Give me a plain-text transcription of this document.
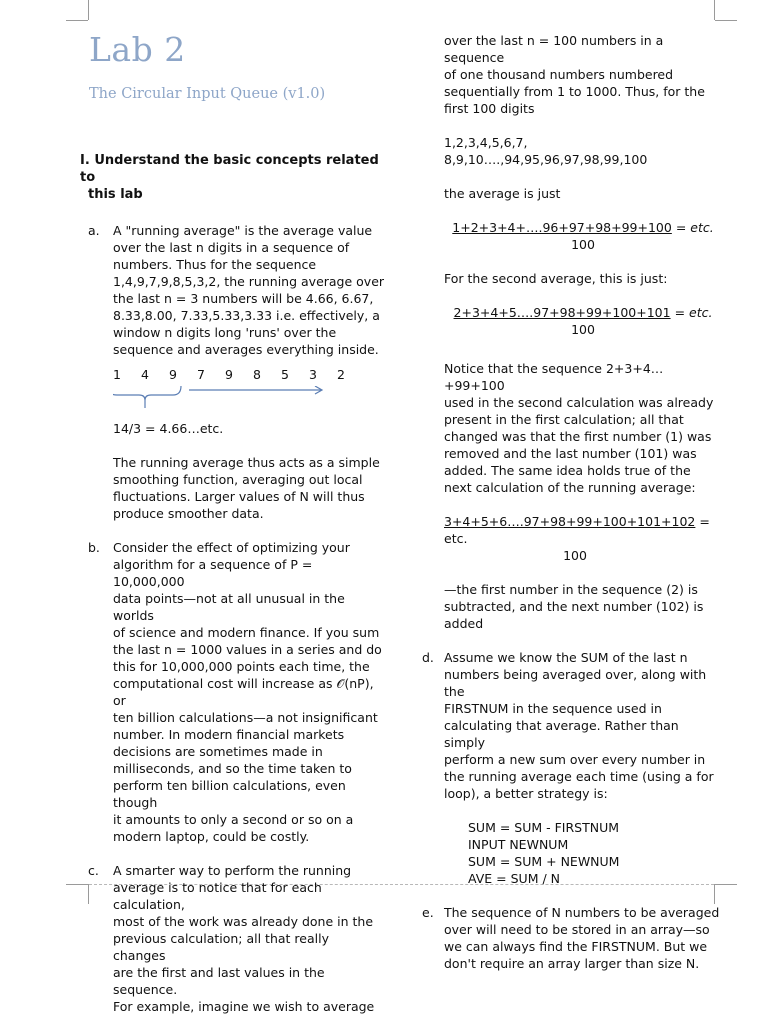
Lab 2
The Circular Input Queue (v1.0)
I. Understand the basic concepts related to
this lab
a. A "running average" is the average value

over the last n digits in a sequence of

numbers. Thus for the sequence

1,4,9,7,9,8,5,3,2, the running average over

the last n = 3 numbers will be 4.66, 6.67,

8.33,8.00, 7.33,5.33,3.33 i.e. effectively, a

window n digits long 'runs' over the

sequence and averages everything inside.

1 4 9 7 9 8 5 3 2

14/3 = 4.66…etc.

The running average thus acts as a simple

smoothing function, averaging out local

fluctuations. Larger values of N will thus

produce smoother data.

b. Consider the effect of optimizing your

algorithm for a sequence of P = 10,000,000

data points—not at all unusual in the worlds

of science and modern finance. If you sum

the last n = 1000 values in a series and do

this for 10,000,000 points each time, the

computational cost will increase as 𝒪(nP), or

ten billion calculations—a not insignificant

number. In modern financial markets

decisions are sometimes made in

milliseconds, and so the time taken to

perform ten billion calculations, even though

it amounts to only a second or so on a

modern laptop, could be costly.

c. A smarter way to perform the running

average is to notice that for each calculation,

most of the work was already done in the

previous calculation; all that really changes

are the first and last values in the sequence.

For example, imagine we wish to average

over the last n = 100 numbers in a sequence

of one thousand numbers numbered

sequentially from 1 to 1000. Thus, for the

first 100 digits

1,2,3,4,5,6,7, 8,9,10….,94,95,96,97,98,99,100

the average is just

1+2+3+4+….96+97+98+99+100 = etc.

100

For the second average, this is just:

2+3+4+5….97+98+99+100+101 = etc.

100

Notice that the sequence 2+3+4…+99+100

used in the second calculation was already

present in the first calculation; all that

changed was that the first number (1) was

removed and the last number (101) was

added. The same idea holds true of the

next calculation of the running average:

3+4+5+6….97+98+99+100+101+102 = etc.

100

—the first number in the sequence (2) is

subtracted, and the next number (102) is

added

d. Assume we know the SUM of the last n

numbers being averaged over, along with the

FIRSTNUM in the sequence used in

calculating that average. Rather than simply

perform a new sum over every number in

the running average each time (using a for

loop), a better strategy is:

SUM = SUM - FIRSTNUM

INPUT NEWNUM

SUM = SUM + NEWNUM

AVE = SUM / N

e. The sequence of N numbers to be averaged

over will need to be stored in an array—so

we can always find the FIRSTNUM. But we

don't require an array larger than size N.
